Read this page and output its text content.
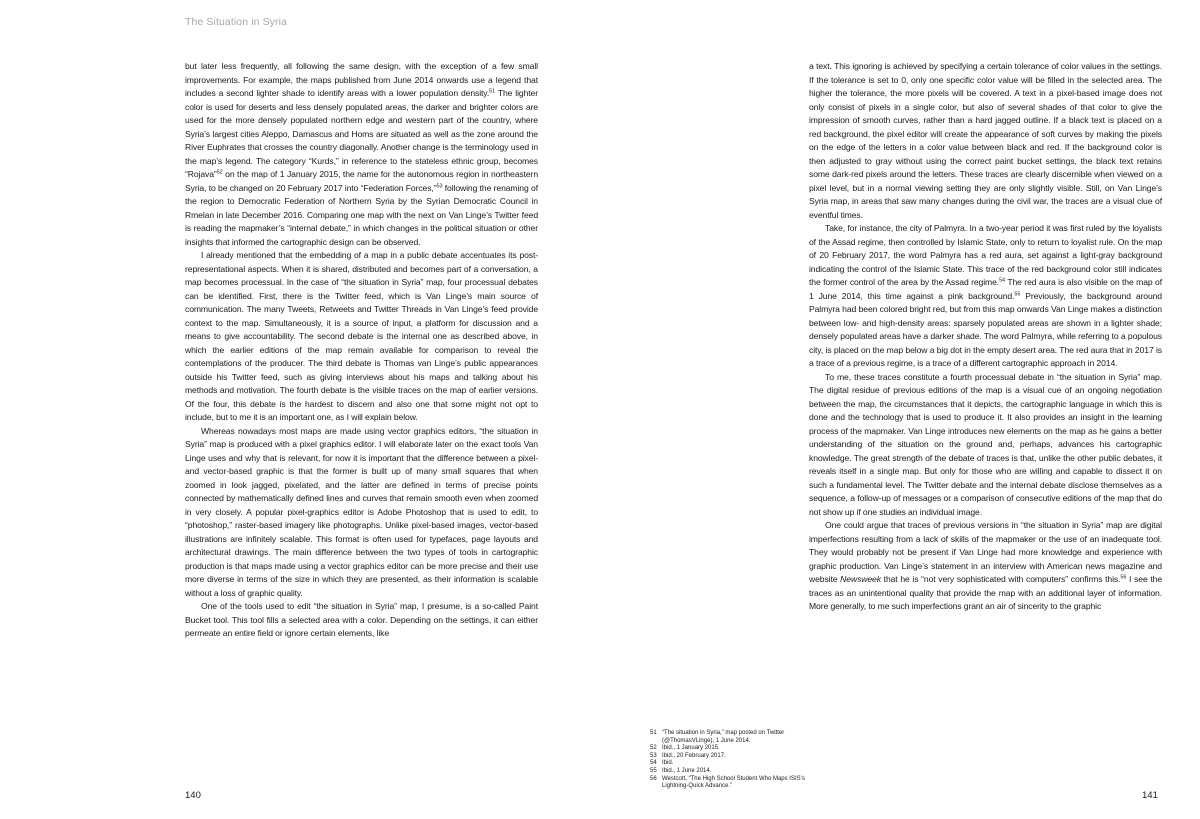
The Situation in Syria

but later less frequently, all following the same design, with the exception of a few small improvements. For example, the maps published from June 2014 onwards use a legend that includes a second lighter shade to identify areas with a lower population density.$^{51}$ The lighter color is used for deserts and less densely populated areas, the darker and brighter colors are used for the more densely populated northern edge and western part of the country, where Syria’s largest cities Aleppo, Damascus and Homs are situated as well as the zone around the River Euphrates that crosses the country diagonally. Another change is the terminology used in the map’s legend. The category “Kurds,” in reference to the stateless ethnic group, becomes “Rojava”$^{52}$ on the map of 1 January 2015, the name for the autonomous region in northeastern Syria, to be changed on 20 February 2017 into “Federation Forces,”$^{53}$ following the renaming of the region to Democratic Federation of Northern Syria by the Syrian Democratic Council in Rmelan in late December 2016. Comparing one map with the next on Van Linge’s Twitter feed is reading the mapmaker’s “internal debate,” in which changes in the political situation or other insights that informed the cartographic design can be observed.

I already mentioned that the embedding of a map in a public debate accentuates its post-representational aspects. When it is shared, distributed and becomes part of a conversation, a map becomes processual. In the case of “the situation in Syria” map, four processual debates can be identified. First, there is the Twitter feed, which is Van Linge’s main source of communication. The many Tweets, Retweets and Twitter Threads in Van Linge’s feed provide context to the map. Simultaneously, it is a source of input, a platform for discussion and a means to give accountability. The second debate is the internal one as described above, in which the earlier editions of the map remain available for comparison to reveal the contemplations of the producer. The third debate is Thomas van Linge’s public appearances outside his Twitter feed, such as giving interviews about his maps and talking about his methods and motivation. The fourth debate is the visible traces on the map of earlier versions. Of the four, this debate is the hardest to discern and also one that some might not opt to include, but to me it is an important one, as I will explain below.

Whereas nowadays most maps are made using vector graphics editors, “the situation in Syria” map is produced with a pixel graphics editor. I will elaborate later on the exact tools Van Linge uses and why that is relevant, for now it is important that the difference between a pixel- and vector-based graphic is that the former is built up of many small squares that when zoomed in look jagged, pixelated, and the latter are defined in terms of precise points connected by mathematically defined lines and curves that remain smooth even when zoomed in very closely. A popular pixel-graphics editor is Adobe Photoshop that is used to edit, to “photoshop,” raster-based imagery like photographs. Unlike pixel-based images, vector-based illustrations are infinitely scalable. This format is often used for typefaces, page layouts and architectural drawings. The main difference between the two types of tools in cartographic production is that maps made using a vector graphics editor can be more precise and their use more diverse in terms of the size in which they are presented, as their information is scalable without a loss of graphic quality.

One of the tools used to edit “the situation in Syria” map, I presume, is a so-called Paint Bucket tool. This tool fills a selected area with a color. Depending on the settings, it can either permeate an entire field or ignore certain elements, like

a text. This ignoring is achieved by specifying a certain tolerance of color values in the settings. If the tolerance is set to 0, only one specific color value will be filled in the selected area. The higher the tolerance, the more pixels will be covered. A text in a pixel-based image does not only consist of pixels in a single color, but also of several shades of that color to give the impression of smooth curves, rather than a hard jagged outline. If a black text is placed on a red background, the pixel editor will create the appearance of soft curves by making the pixels on the edge of the letters in a color value between black and red. If the background color is then adjusted to gray without using the correct paint bucket settings, the black text retains some dark-red pixels around the letters. These traces are clearly discernible when viewed on a pixel level, but in a normal viewing setting they are only slightly visible. Still, on Van Linge’s Syria map, in areas that saw many changes during the civil war, the traces are a visual clue of eventful times.

Take, for instance, the city of Palmyra. In a two-year period it was first ruled by the loyalists of the Assad regime, then controlled by Islamic State, only to return to loyalist rule. On the map of 20 February 2017, the word Palmyra has a red aura, set against a light-gray background indicating the control of the Islamic State. This trace of the red background color still indicates the former control of the area by the Assad regime.$^{54}$ The red aura is also visible on the map of 1 June 2014, this time against a pink background.$^{55}$ Previously, the background around Palmyra had been colored bright red, but from this map onwards Van Linge makes a distinction between low- and high-density areas: sparsely populated areas are shown in a lighter shade; densely populated areas have a darker shade. The word Palmyra, while referring to a populous city, is placed on the map below a big dot in the empty desert area. The red aura that in 2017 is a trace of a previous regime, is a trace of a different cartographic approach in 2014.

To me, these traces constitute a fourth processual debate in “the situation in Syria” map. The digital residue of previous editions of the map is a visual cue of an ongoing negotiation between the map, the circumstances that it depicts, the cartographic language in which this is done and the technology that is used to produce it. It also provides an insight in the learning process of the mapmaker. Van Linge introduces new elements on the map as he gains a better understanding of the situation on the ground and, perhaps, advances his cartographic knowledge. The great strength of the debate of traces is that, unlike the other public debates, it reveals itself in a single map. But only for those who are willing and capable to dissect it on such a fundamental level. The Twitter debate and the internal debate disclose themselves as a sequence, a follow-up of messages or a comparison of consecutive editions of the map that do not show up if one studies an individual image.

One could argue that traces of previous versions in “the situation in Syria” map are digital imperfections resulting from a lack of skills of the mapmaker or the use of an inadequate tool. They would probably not be present if Van Linge had more knowledge and experience with graphic production. Van Linge’s statement in an interview with American news magazine and website Newsweek that he is “not very sophisticated with computers” confirms this.$^{56}$ I see the traces as an unintentional quality that provide the map with an additional layer of information. More generally, to me such imperfections grant an air of sincerity to the graphic

51 “The situation in Syria,” map posted on Twitter (@ThomasVLinge), 1 June 2014.
52 Ibid., 1 January 2015.
53 Ibid., 20 February 2017.
54 Ibid.
55 Ibid., 1 June 2014.
56 Westcott, “The High School Student Who Maps ISIS’s Lightning-Quick Advance.”
140	141
